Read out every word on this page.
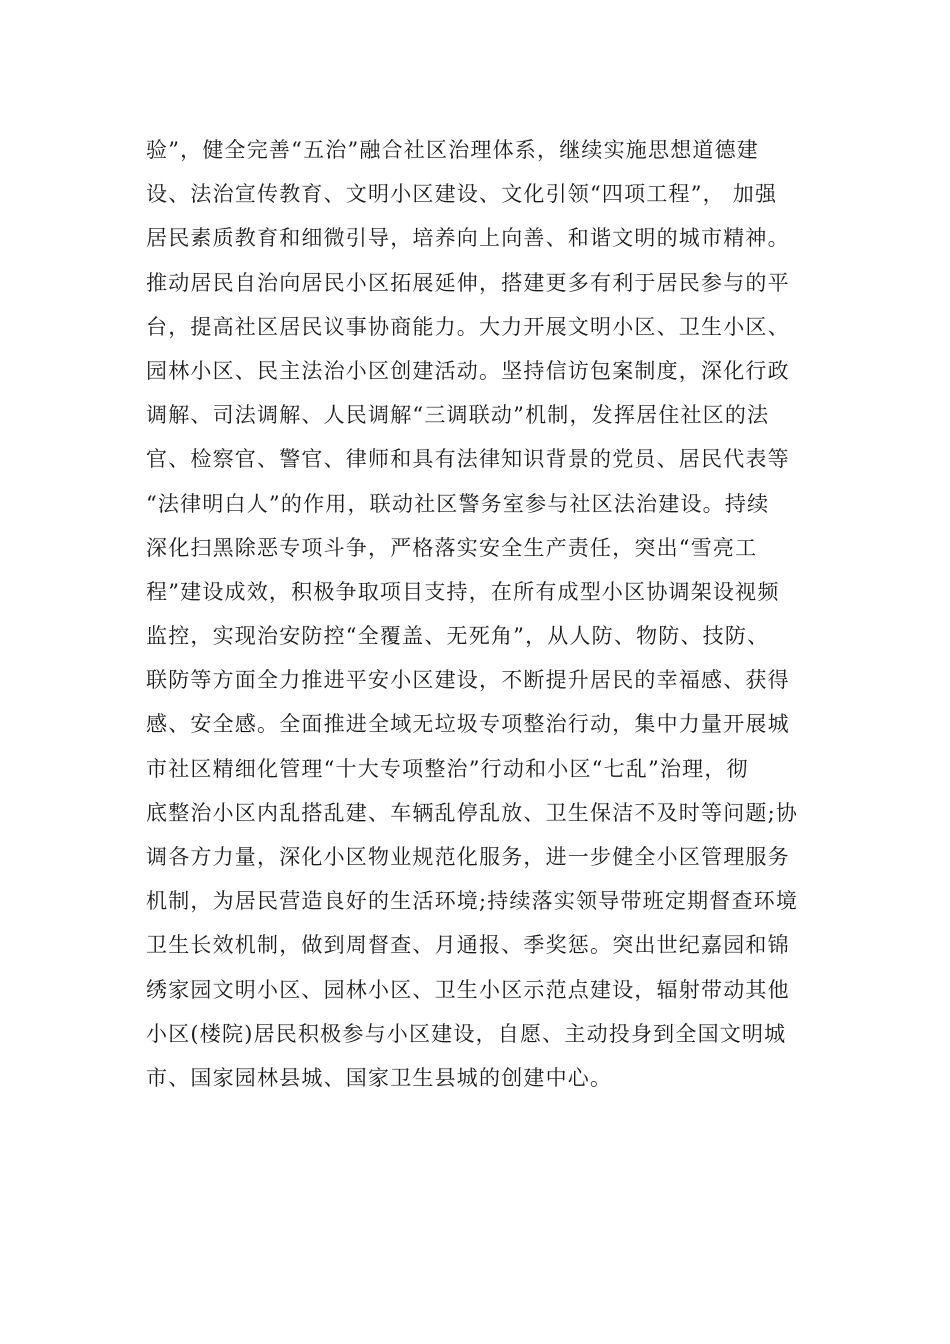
验”，健全完善“五治”融合社区治理体系，继续实施思想道德建
设、法治宣传教育、文明小区建设、文化引领“四项工程”， 加强
居民素质教育和细微引导，培养向上向善、和谐文明的城市精神。
推动居民自治向居民小区拓展延伸，搭建更多有利于居民参与的平
台，提高社区居民议事协商能力。大力开展文明小区、卫生小区、
园林小区、民主法治小区创建活动。坚持信访包案制度，深化行政
调解、司法调解、人民调解“三调联动”机制，发挥居住社区的法
官、检察官、警官、律师和具有法律知识背景的党员、居民代表等
“法律明白人”的作用，联动社区警务室参与社区法治建设。持续
深化扫黑除恶专项斗争，严格落实安全生产责任，突出“雪亮工
程”建设成效，积极争取项目支持，在所有成型小区协调架设视频
监控，实现治安防控“全覆盖、无死角”，从人防、物防、技防、
联防等方面全力推进平安小区建设，不断提升居民的幸福感、获得
感、安全感。全面推进全域无垃圾专项整治行动，集中力量开展城
市社区精细化管理“十大专项整治”行动和小区“七乱”治理，彻
底整治小区内乱搭乱建、车辆乱停乱放、卫生保洁不及时等问题;协
调各方力量，深化小区物业规范化服务，进一步健全小区管理服务
机制，为居民营造良好的生活环境;持续落实领导带班定期督查环境
卫生长效机制，做到周督查、月通报、季奖惩。突出世纪嘉园和锦
绣家园文明小区、园林小区、卫生小区示范点建设，辐射带动其他
小区(楼院)居民积极参与小区建设，自愿、主动投身到全国文明城
市、国家园林县城、国家卫生县城的创建中心。
